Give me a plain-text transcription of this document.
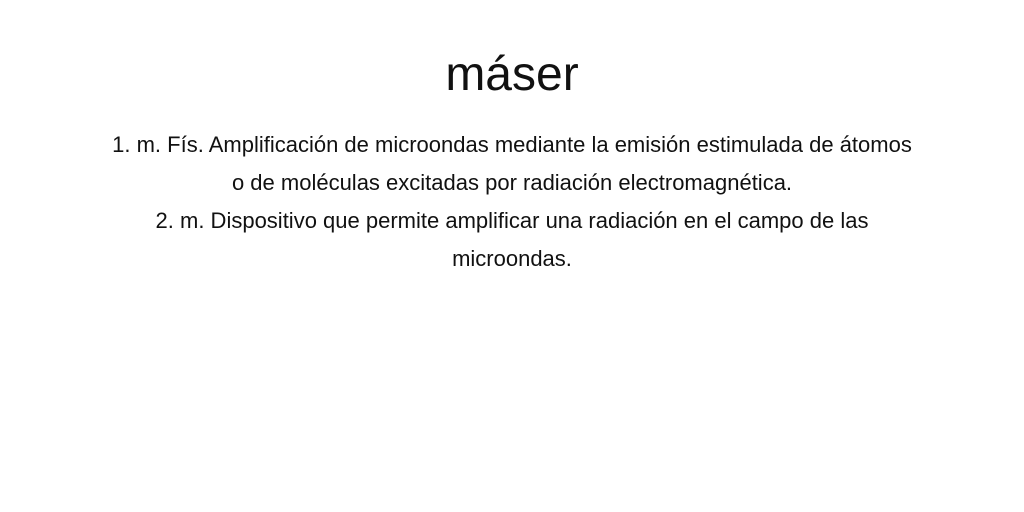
máser
1. m. Fís. Amplificación de microondas mediante la emisión estimulada de átomos
o de moléculas excitadas por radiación electromagnética.
2. m. Dispositivo que permite amplificar una radiación en el campo de las
microondas.
